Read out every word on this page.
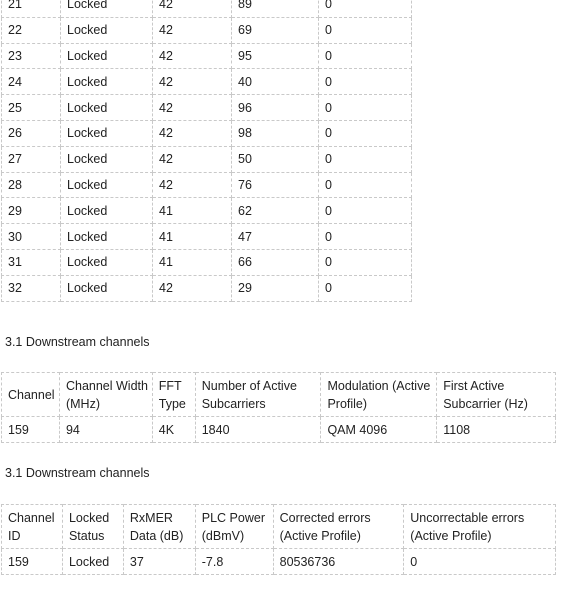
21	Locked	42	89	0
22	Locked	42	69	0
23	Locked	42	95	0
24	Locked	42	40	0
25	Locked	42	96	0
26	Locked	42	98	0
27	Locked	42	50	0
28	Locked	42	76	0
29	Locked	41	62	0
30	Locked	41	47	0
31	Locked	41	66	0
32	Locked	42	29	0
3.1 Downstream channels
Channel	Channel Width (MHz)	FFT Type	Number of Active Subcarriers	Modulation (Active Profile)	First Active Subcarrier (Hz)
159	94	4K	1840	QAM 4096	1108
3.1 Downstream channels
Channel ID	Locked Status	RxMER Data (dB)	PLC Power (dBmV)	Corrected errors (Active Profile)	Uncorrectable errors (Active Profile)
159	Locked	37	-7.8	80536736	0
